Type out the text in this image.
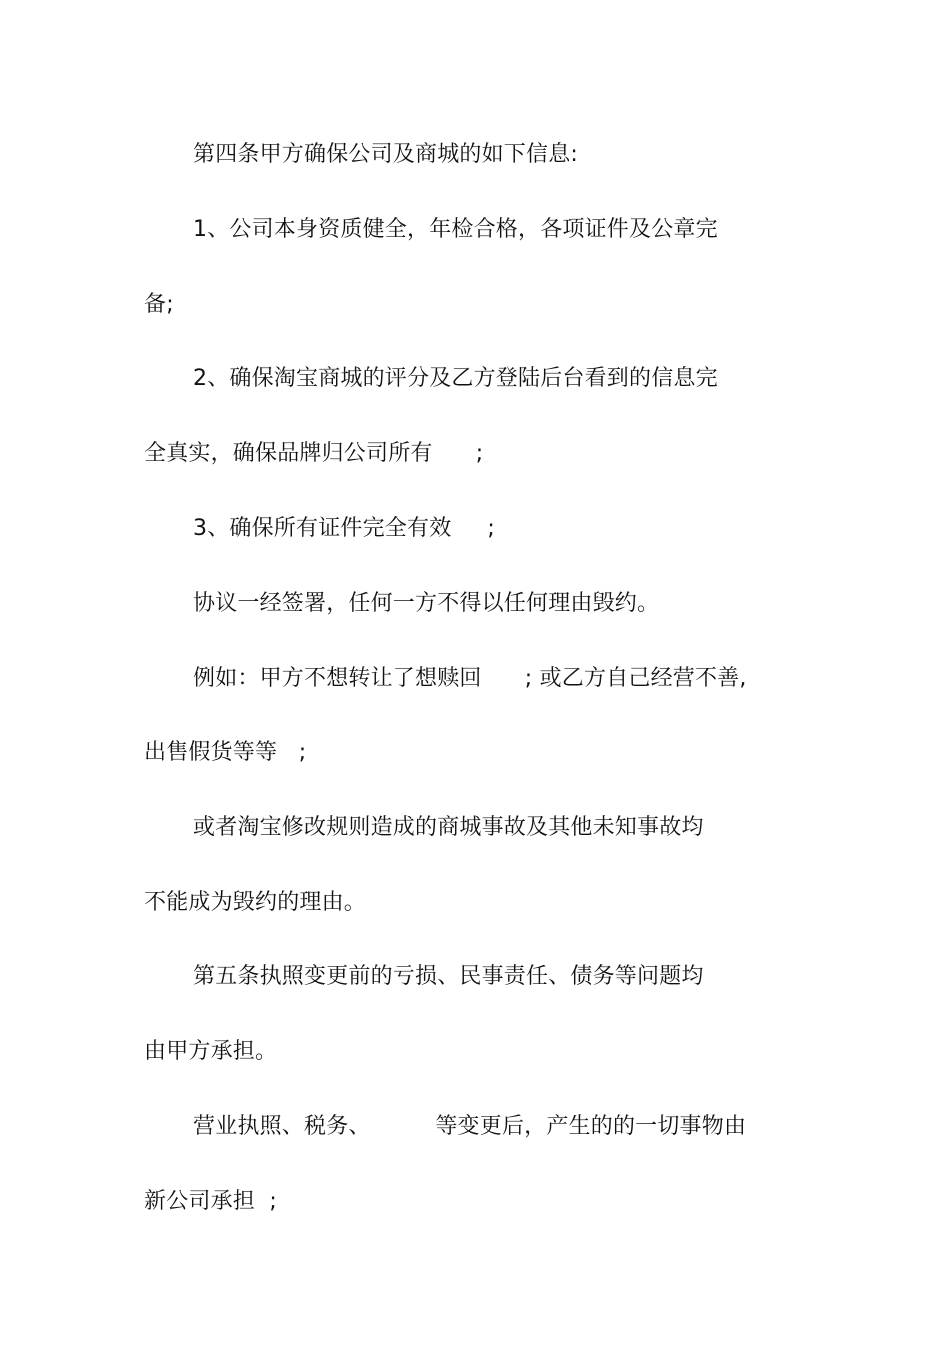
第四条甲方确保公司及商城的如下信息:
1、公司本身资质健全，年检合格，各项证件及公章完
备;
2、确保淘宝商城的评分及乙方登陆后台看到的信息完
全真实，确保品牌归公司所有      ;
3、确保所有证件完全有效     ;
协议一经签署，任何一方不得以任何理由毁约。
例如：甲方不想转让了想赎回      ; 或乙方自己经营不善,
出售假货等等   ;
或者淘宝修改规则造成的商城事故及其他未知事故均
不能成为毁约的理由。
第五条执照变更前的亏损、民事责任、债务等问题均
由甲方承担。
营业执照、税务、         等变更后，产生的的一切事物由
新公司承担  ;
